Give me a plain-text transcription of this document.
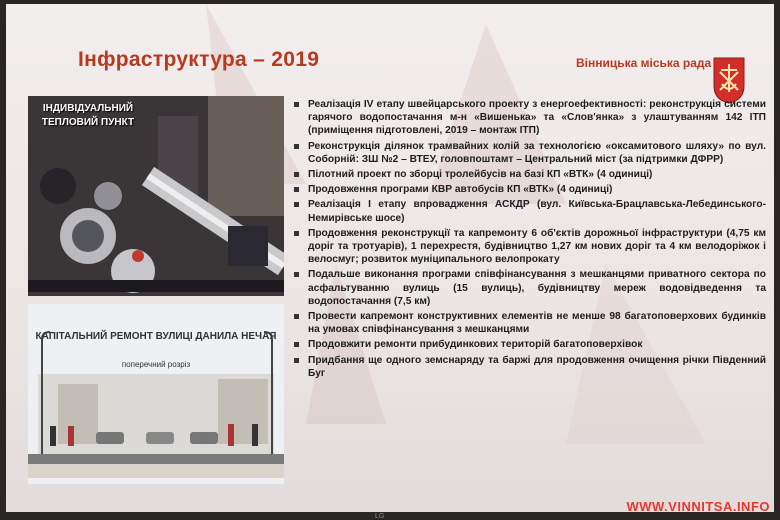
Інфраструктура – 2019	Вінницька міська рада
ІНДИВІДУАЛЬНИЙ ТЕПЛОВИЙ ПУНКТ
КАПІТАЛЬНИЙ РЕМОНТ ВУЛИЦІ ДАНИЛА НЕЧАЯ
поперечний розріз
Реалізація IV етапу швейцарського проекту з енергоефективності: реконструкція системи гарячого водопостачання м-н «Вишенька» та «Слов'янка» з улаштуванням 142 ІТП (приміщення підготовлені, 2019 – монтаж ІТП)
Реконструкція ділянок трамвайних колій за технологією «оксамитового шляху» по вул. Соборній: ЗШ №2 – ВТЕУ, головпоштамт – Центральний міст (за підтримки ДФРР)
Пілотний проект по зборці тролейбусів на базі КП «ВТК» (4 одиниці)
Продовження програми КВР автобусів КП «ВТК» (4 одиниці)
Реалізація І етапу впровадження АСКДР (вул. Київська-Брацлавська-Лебединського-Немирівське шосе)
Продовження реконструкції та капремонту 6 об'єктів дорожньої інфраструктури (4,75 км доріг та тротуарів), 1 перехрестя, будівництво 1,27 км нових доріг та 4 км велодоріжок і велосмуг; розвиток муніципального велопрокату
Подальше виконання програми співфінансування з мешканцями приватного сектора по асфальтуванню вулиць (15 вулиць), будівництву мереж водовідведення та водопостачання (7,5 км)
Провести капремонт конструктивних елементів не менше 98 багатоповерхових будинків на умовах співфінансування з мешканцями
Продовжити ремонти прибудинкових територій багатоповерхівок
Придбання ще одного земснаряду та баржі для продовження очищення річки Південний Буг
LG
WWW.VINNITSA.INFO
